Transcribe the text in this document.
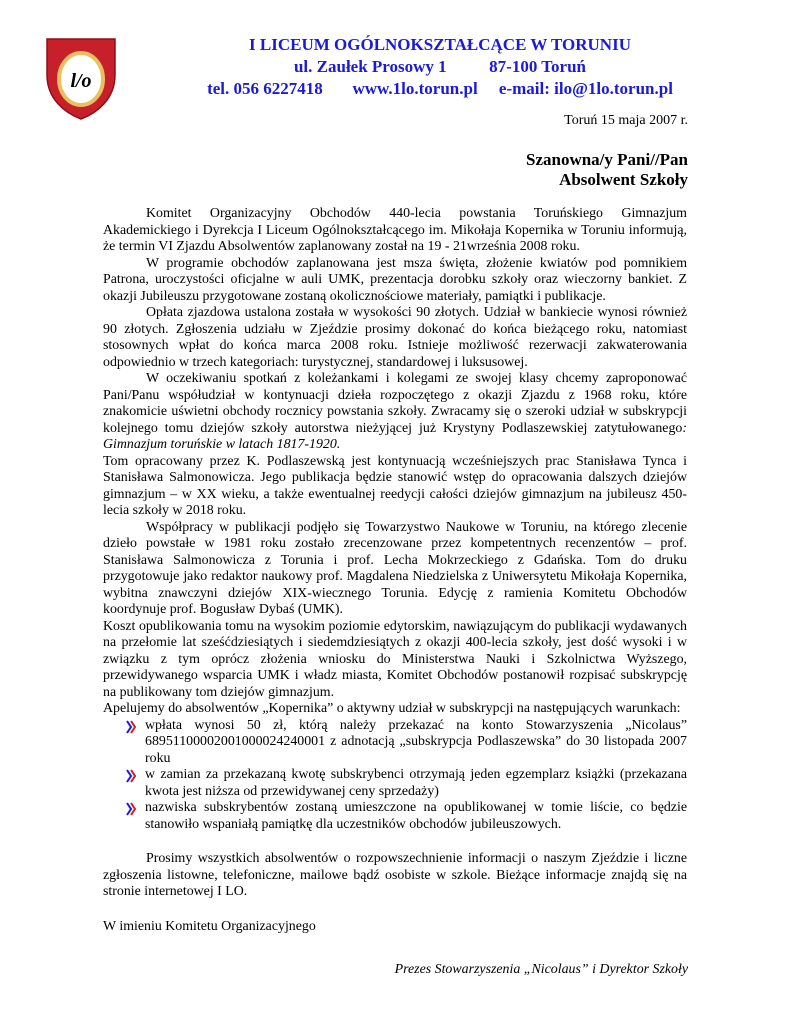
l/o
I LICEUM OGÓLNOKSZTAŁCĄCE W TORUNIU
ul. Zaułek Prosowy 1          87-100 Toruń
tel. 056 6227418       www.1lo.torun.pl     e-mail: ilo@1lo.torun.pl
Toruń 15 maja 2007 r.
Szanowna/y Pani//Pan
Absolwent Szkoły

Komitet Organizacyjny Obchodów 440-lecia powstania Toruńskiego Gimnazjum Akademickiego i Dyrekcja I Liceum Ogólnokształcącego im. Mikołaja Kopernika w Toruniu informują, że termin VI Zjazdu Absolwentów zaplanowany został na 19 - 21września 2008 roku.

W programie obchodów zaplanowana jest msza święta, złożenie kwiatów pod pomnikiem Patrona, uroczystości oficjalne w auli UMK, prezentacja dorobku szkoły oraz wieczorny bankiet. Z okazji Jubileuszu przygotowane zostaną okolicznościowe materiały, pamiątki i publikacje.

Opłata zjazdowa ustalona została w wysokości 90 złotych. Udział w bankiecie wynosi również 90 złotych. Zgłoszenia udziału w Zjeździe prosimy dokonać do końca bieżącego roku, natomiast stosownych wpłat do końca marca 2008 roku. Istnieje możliwość rezerwacji zakwaterowania odpowiednio w trzech kategoriach: turystycznej, standardowej i luksusowej.

W oczekiwaniu spotkań z koleżankami i kolegami ze swojej klasy chcemy zaproponować Pani/Panu współudział w kontynuacji dzieła rozpoczętego z okazji Zjazdu z 1968 roku, które znakomicie uświetni obchody rocznicy powstania szkoły. Zwracamy się o szeroki udział w subskrypcji kolejnego tomu dziejów szkoły autorstwa nieżyjącej już Krystyny Podlaszewskiej zatytułowanego: Gimnazjum toruńskie w latach 1817-1920.

Tom opracowany przez K. Podlaszewską jest kontynuacją wcześniejszych prac Stanisława Tynca i Stanisława Salmonowicza. Jego publikacja będzie stanowić wstęp do opracowania dalszych dziejów gimnazjum – w XX wieku, a także ewentualnej reedycji całości dziejów gimnazjum na jubileusz 450-lecia szkoły w 2018 roku.

Współpracy w publikacji podjęło się Towarzystwo Naukowe w Toruniu, na którego zlecenie dzieło powstałe w 1981 roku zostało zrecenzowane przez kompetentnych recenzentów – prof. Stanisława Salmonowicza z Torunia i prof. Lecha Mokrzeckiego z Gdańska. Tom do druku przygotowuje jako redaktor naukowy prof. Magdalena Niedzielska z Uniwersytetu Mikołaja Kopernika, wybitna znawczyni dziejów XIX-wiecznego Torunia. Edycję z ramienia Komitetu Obchodów koordynuje prof. Bogusław Dybaś (UMK).

Koszt opublikowania tomu na wysokim poziomie edytorskim, nawiązującym do publikacji wydawanych na przełomie lat sześćdziesiątych i siedemdziesiątych z okazji 400-lecia szkoły, jest dość wysoki i w związku z tym oprócz złożenia wniosku do Ministerstwa Nauki i Szkolnictwa Wyższego, przewidywanego wsparcia UMK i władz miasta, Komitet Obchodów postanowił rozpisać subskrypcję na publikowany tom dziejów gimnazjum.

Apelujemy do absolwentów „Kopernika” o aktywny udział w subskrypcji na następujących warunkach:

wpłata wynosi 50 zł, którą należy przekazać na konto Stowarzyszenia „Nicolaus” 68951100002001000024240001 z adnotacją „subskrypcja Podlaszewska” do 30 listopada 2007 roku
w zamian za przekazaną kwotę subskrybenci otrzymają jeden egzemplarz książki (przekazana kwota jest niższa od przewidywanej ceny sprzedaży)
nazwiska subskrybentów zostaną umieszczone na opublikowanej w tomie liście, co będzie stanowiło wspaniałą pamiątkę dla uczestników obchodów jubileuszowych.

Prosimy wszystkich absolwentów o rozpowszechnienie informacji o naszym Zjeździe i liczne zgłoszenia listowne, telefoniczne, mailowe bądź osobiste w szkole. Bieżące informacje znajdą się na stronie internetowej I LO.

W imieniu Komitetu Organizacyjnego

Prezes Stowarzyszenia „Nicolaus” i Dyrektor Szkoły
